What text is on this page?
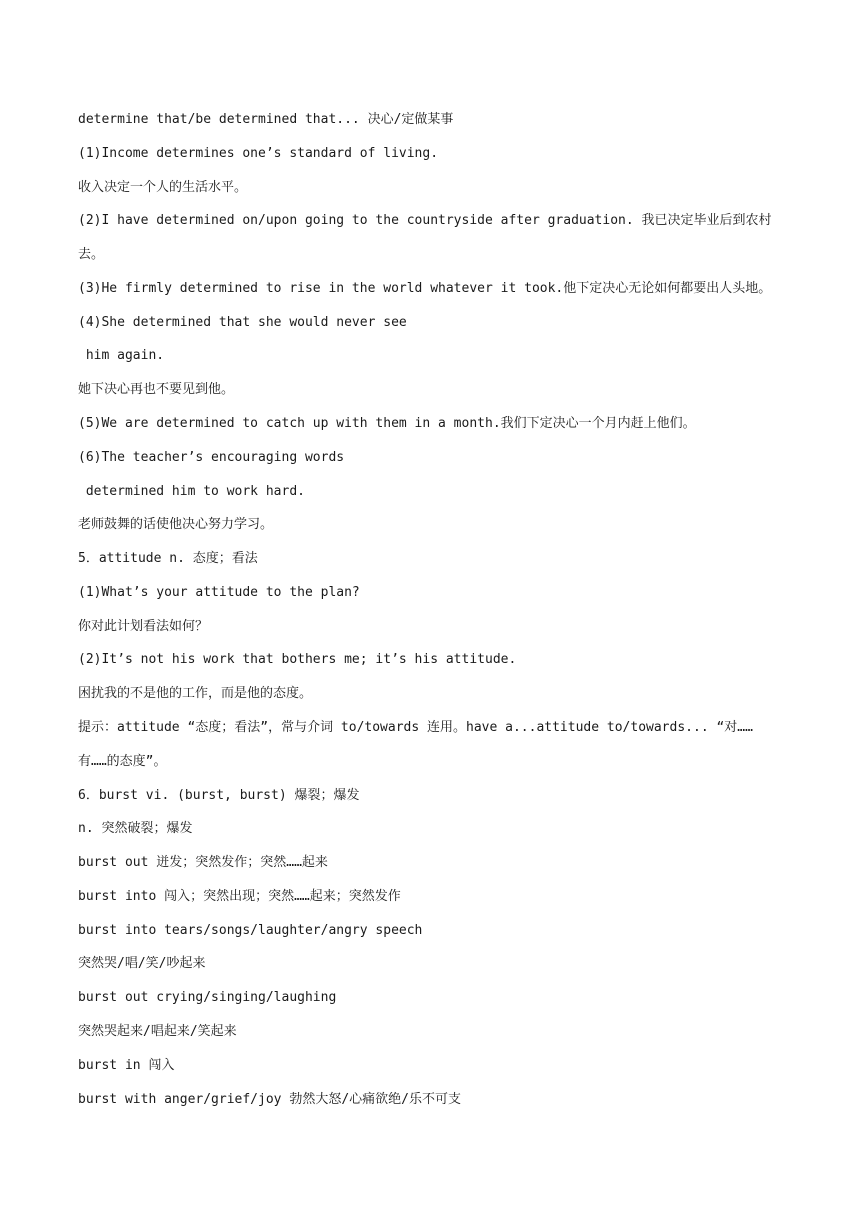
determine that/be determined that... 决心/定做某事
(1)Income determines one’s standard of living.
收入决定一个人的生活水平。
(2)I have determined on/upon going to the countryside after graduation. 我已决定毕业后到农村
去。
(3)He firmly determined to rise in the world whatever it took.他下定决心无论如何都要出人头地。
(4)She determined that she would never see
him again.
她下决心再也不要见到他。
(5)We are determined to catch up with them in a month.我们下定决心一个月内赶上他们。
(6)The teacher’s encouraging words
determined him to work hard.
老师鼓舞的话使他决心努力学习。
5．attitude n. 态度；看法
(1)What’s your attitude to the plan?
你对此计划看法如何？
(2)It’s not his work that bothers me; it’s his attitude.
困扰我的不是他的工作，而是他的态度。
提示：attitude “态度；看法”，常与介词 to/towards 连用。have a...attitude to/towards... “对……
有……的态度”。
6．burst vi. (burst, burst) 爆裂；爆发
n. 突然破裂；爆发
burst out 迸发；突然发作；突然……起来
burst into 闯入；突然出现；突然……起来；突然发作
burst into tears/songs/laughter/angry speech
突然哭/唱/笑/吵起来
burst out crying/singing/laughing
突然哭起来/唱起来/笑起来
burst in 闯入
burst with anger/grief/joy 勃然大怒/心痛欲绝/乐不可支
